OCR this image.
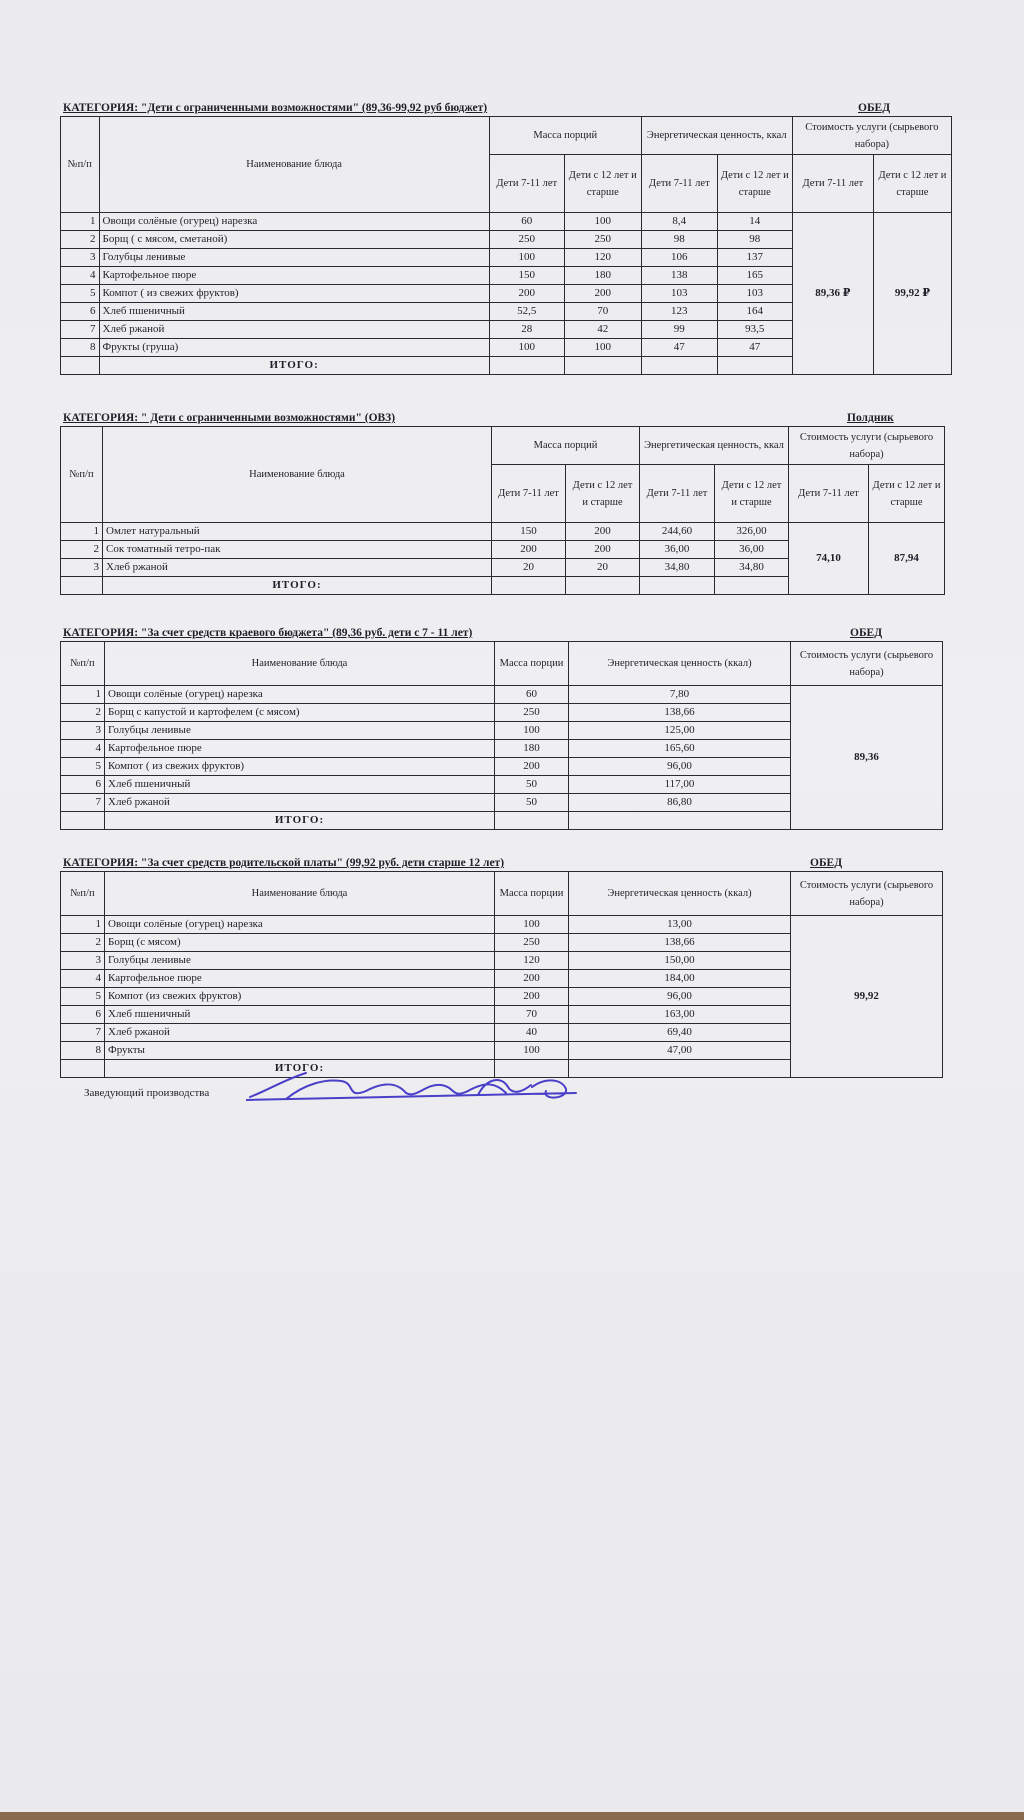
КАТЕГОРИЯ: "Дети с ограниченными возможностями" (89,36-99,92 руб бюджет)	ОБЕД
№п/п	Наименование блюда	Масса порций		Энергетическая ценность, ккал		Стоимость услуги (сырьевого набора)	
		Дети 7-11 лет	Дети с 12 лет и старше	Дети 7-11 лет	Дети с 12 лет и старше	Дети 7-11 лет	Дети с 12 лет и старше
1	Овощи солёные (огурец) нарезка	60	100	8,4	14	89,36 ₽	99,92 ₽
2	Борщ ( с мясом, сметаной)	250	250	98	98		
3	Голубцы ленивые	100	120	106	137		
4	Картофельное пюре	150	180	138	165		
5	Компот ( из свежих фруктов)	200	200	103	103		
6	Хлеб пшеничный	52,5	70	123	164		
7	Хлеб ржаной	28	42	99	93,5		
8	Фрукты (груша)	100	100	47	47		
	ИТОГО:						
КАТЕГОРИЯ: " Дети с ограниченными возможностями" (ОВЗ)	Полдник
№п/п	Наименование блюда	Масса порций		Энергетическая ценность, ккал		Стоимость услуги (сырьевого набора)	
		Дети 7-11 лет	Дети с 12 лет и старше	Дети 7-11 лет	Дети с 12 лет и старше	Дети 7-11 лет	Дети с 12 лет и старше
1	Омлет натуральный	150	200	244,60	326,00	74,10	87,94
2	Сок томатный тетро-пак	200	200	36,00	36,00		
3	Хлеб ржаной	20	20	34,80	34,80		
	ИТОГО:						
КАТЕГОРИЯ: "За счет средств краевого бюджета" (89,36 руб. дети с 7 - 11 лет)	ОБЕД
№п/п	Наименование блюда	Масса порции	Энергетическая ценность (ккал)	Стоимость услуги (сырьевого набора)
1	Овощи солёные (огурец) нарезка	60	7,80	89,36
2	Борщ с капустой и картофелем (с мясом)	250	138,66	
3	Голубцы ленивые	100	125,00	
4	Картофельное пюре	180	165,60	
5	Компот ( из свежих фруктов)	200	96,00	
6	Хлеб пшеничный	50	117,00	
7	Хлеб ржаной	50	86,80	
	ИТОГО:			
КАТЕГОРИЯ: "За счет средств родительской платы" (99,92 руб. дети старше 12 лет)	ОБЕД
№п/п	Наименование блюда	Масса порции	Энергетическая ценность (ккал)	Стоимость услуги (сырьевого набора)
1	Овощи солёные (огурец) нарезка	100	13,00	99,92
2	Борщ (с мясом)	250	138,66	
3	Голубцы ленивые	120	150,00	
4	Картофельное пюре	200	184,00	
5	Компот (из свежих фруктов)	200	96,00	
6	Хлеб пшеничный	70	163,00	
7	Хлеб ржаной	40	69,40	
8	Фрукты	100	47,00	
	ИТОГО:			
Заведующий производства
